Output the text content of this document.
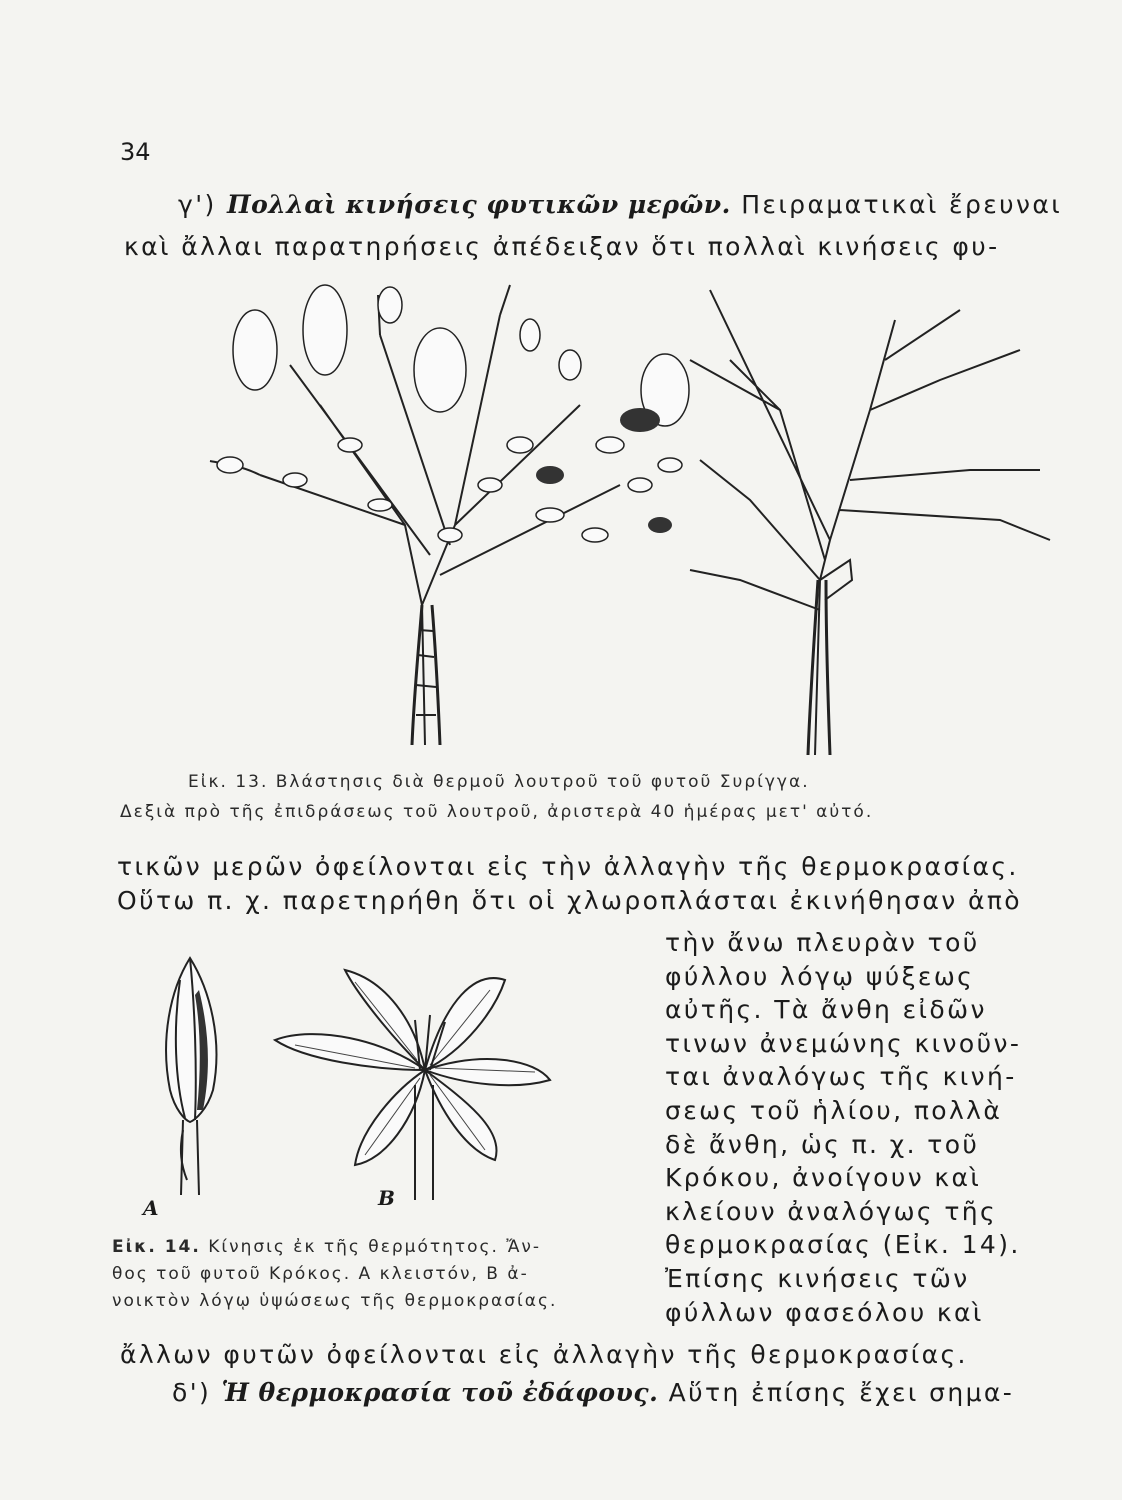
34
γ') Πολλαὶ κινήσεις φυτικῶν μερῶν. Πειραματικαὶ ἔρευναι
καὶ ἄλλαι παρατηρήσεις ἀπέδειξαν ὅτι πολλαὶ κινήσεις φυ-
Εἰκ. 13. Βλάστησις διὰ θερμοῦ λουτροῦ τοῦ φυτοῦ Συρίγγα.
Δεξιὰ πρὸ τῆς ἐπιδράσεως τοῦ λουτροῦ, ἀριστερὰ 40 ἡμέρας μετ' αὐτό.
τικῶν μερῶν ὀφείλονται εἰς τὴν ἀλλαγὴν τῆς θερμοκρασίας.
Οὕτω π. χ. παρετηρήθη ὅτι οἱ χλωροπλάσται ἐκινήθησαν ἀπὸ
τὴν ἄνω πλευρὰν τοῦ
φύλλου λόγῳ ψύξεως
αὐτῆς. Τὰ ἄνθη εἰδῶν
τινων ἀνεμώνης κινοῦν-
ται ἀναλόγως τῆς κινή-
σεως τοῦ ἡλίου, πολλὰ
δὲ ἄνθη, ὡς π. χ. τοῦ
Κρόκου, ἀνοίγουν καὶ
κλείουν ἀναλόγως τῆς
θερμοκρασίας (Εἰκ. 14).
Ἐπίσης κινήσεις τῶν
φύλλων φασεόλου καὶ
A	B
Εἰκ. 14. Κίνησις ἐκ τῆς θερμότητος. Ἄν-
θος τοῦ φυτοῦ Κρόκος. Α κλειστόν, Β ἀ-
νοικτὸν λόγῳ ὑψώσεως τῆς θερμοκρασίας.
ἄλλων φυτῶν ὀφείλονται εἰς ἀλλαγὴν τῆς θερμοκρασίας.
δ') Ἡ θερμοκρασία τοῦ ἐδάφους. Αὕτη ἐπίσης ἔχει σημα-
